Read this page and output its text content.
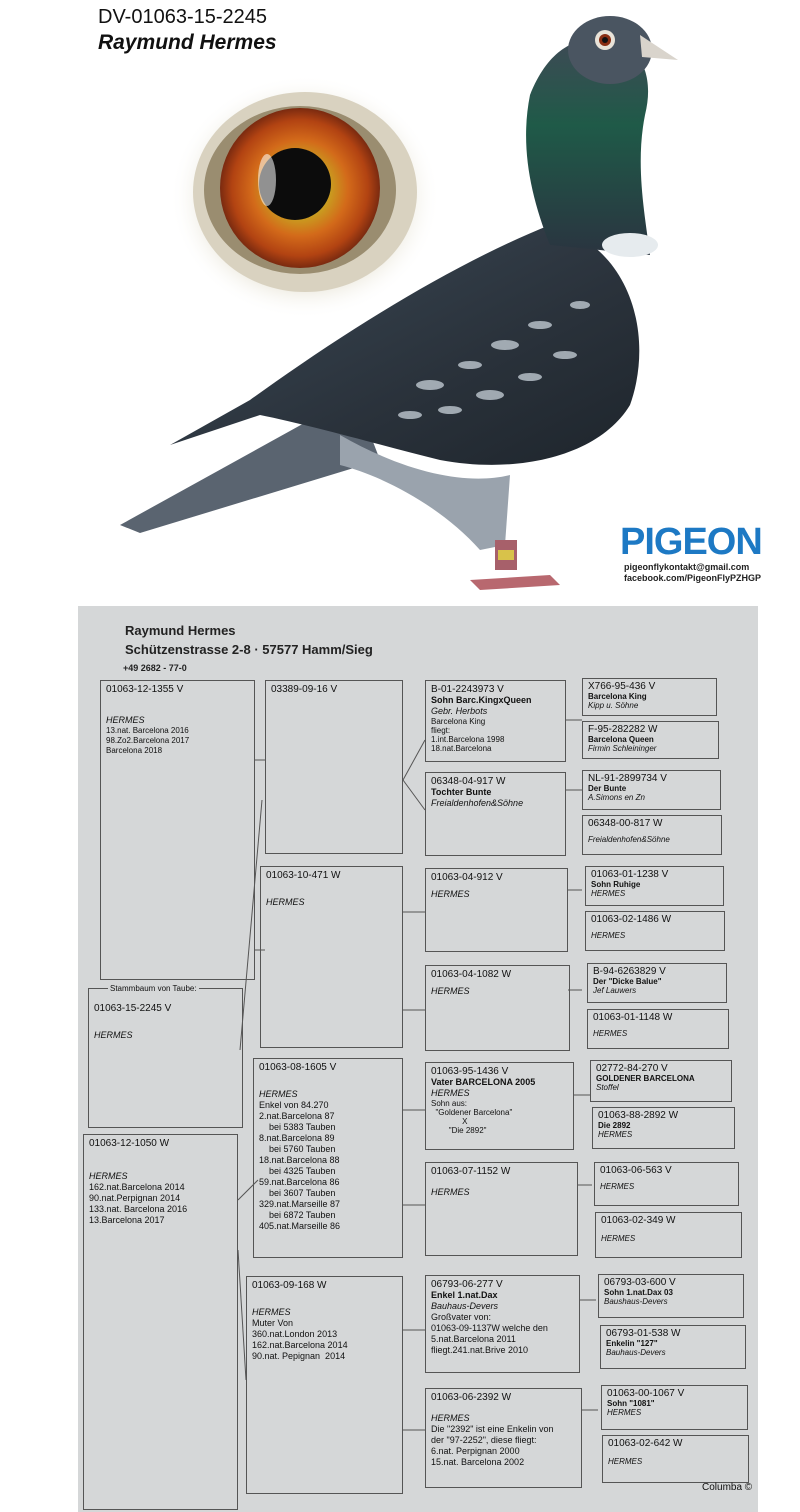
DV-01063-15-2245
Raymund Hermes
PIGEON
pigeonflykontakt@gmail.com
facebook.com/PigeonFlyPZHGP
Raymund Hermes
Schützenstrasse 2-8 · 57577 Hamm/Sieg
+49 2682 - 77-0
01063-12-1355 V
HERMES
13.nat. Barcelona 2016
98.Zo2.Barcelona 2017
Barcelona 2018
01063-15-2245 V
HERMES
Stammbaum von Taube:
01063-12-1050 W
HERMES
162.nat.Barcelona 2014
90.nat.Perpignan 2014
133.nat. Barcelona 2016
13.Barcelona 2017
03389-09-16 V
01063-10-471 W
HERMES
01063-08-1605 V
HERMES
Enkel von 84.270
2.nat.Barcelona 87
bei 5383 Tauben
8.nat.Barcelona 89
bei 5760 Tauben
18.nat.Barcelona 88
bei 4325 Tauben
59.nat.Barcelona 86
bei 3607 Tauben
329.nat.Marseille 87
bei 6872 Tauben
405.nat.Marseille 86
01063-09-168 W
HERMES
Muter Von
360.nat.London 2013
162.nat.Barcelona 2014
90.nat. Pepignan  2014
B-01-2243973 V
Sohn Barc.KingxQueen
Gebr. Herbots
Barcelona King
fliegt:
1.int.Barcelona 1998
18.nat.Barcelona
06348-04-917 W
Tochter Bunte
Freialdenhofen&Söhne
01063-04-912 V
HERMES
01063-04-1082 W
HERMES
01063-95-1436 V
Vater BARCELONA 2005
HERMES
Sohn aus:
"Goldener Barcelona"
X
"Die 2892"
01063-07-1152 W
HERMES
06793-06-277 V
Enkel 1.nat.Dax
Bauhaus-Devers
Großvater von:
01063-09-1137W welche den
5.nat.Barcelona 2011
fliegt.241.nat.Brive 2010
01063-06-2392 W
HERMES
Die "2392" ist eine Enkelin von
der "97-2252", diese fliegt:
6.nat. Perpignan 2000
15.nat. Barcelona 2002
X766-95-436 V
Barcelona King
Kipp u. Söhne
F-95-282282 W
Barcelona Queen
Firmin Schleininger
NL-91-2899734 V
Der Bunte
A.Simons en Zn
06348-00-817 W
Freialdenhofen&Söhne
01063-01-1238 V
Sohn Ruhige
HERMES
01063-02-1486 W
HERMES
B-94-6263829 V
Der "Dicke Balue"
Jef Lauwers
01063-01-1148 W
HERMES
02772-84-270 V
GOLDENER BARCELONA
Stoffel
01063-88-2892 W
Die 2892
HERMES
01063-06-563 V
HERMES
01063-02-349 W
HERMES
06793-03-600 V
Sohn 1.nat.Dax 03
Baushaus-Devers
06793-01-538 W
Enkelin "127"
Bauhaus-Devers
01063-00-1067 V
Sohn "1081"
HERMES
01063-02-642 W
HERMES
Columba ©
